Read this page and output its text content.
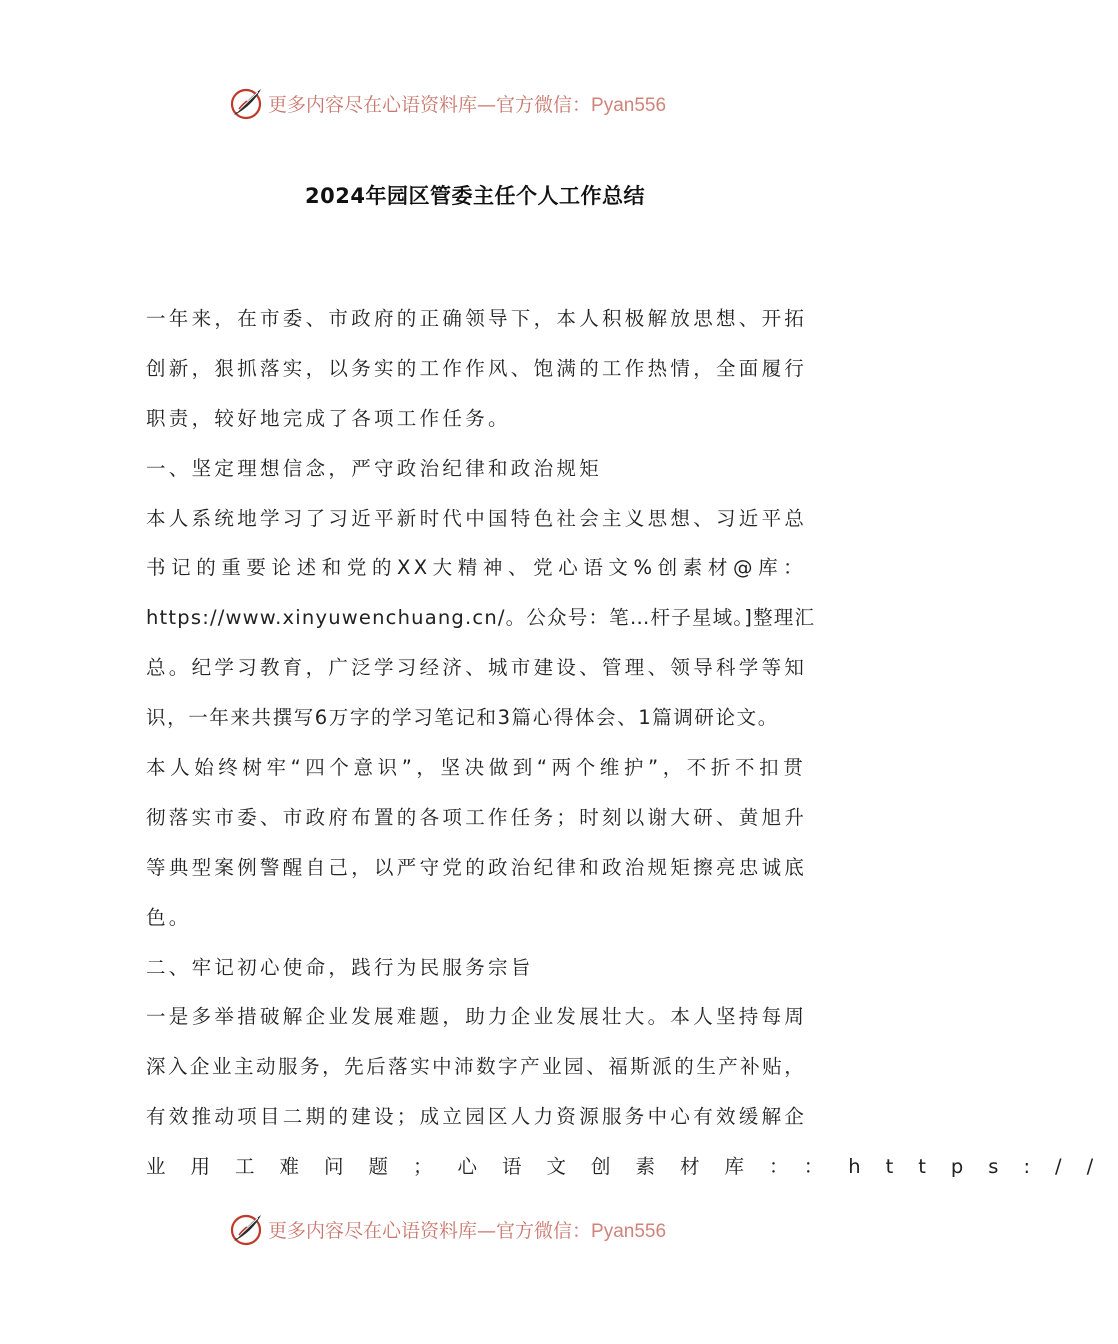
更多内容尽在心语资料库—官方微信：Pyan556
2024年园区管委主任个人工作总结
一年来，在市委、市政府的正确领导下，本人积极解放思想、开拓
创新，狠抓落实，以务实的工作作风、饱满的工作热情，全面履行
职责，较好地完成了各项工作任务。
一、坚定理想信念，严守政治纪律和政治规矩
本人系统地学习了习近平新时代中国特色社会主义思想、习近平总
书记的重要论述和党的XX大精神、党心语文%创素材@库：
https://www.xinyuwenchuang.cn/。公众号：笔…杆子星域。]整理汇
总。纪学习教育，广泛学习经济、城市建设、管理、领导科学等知
识，一年来共撰写6万字的学习笔记和3篇心得体会、1篇调研论文。
本人始终树牢“四个意识”，坚决做到“两个维护”，不折不扣贯
彻落实市委、市政府布置的各项工作任务；时刻以谢大研、黄旭升
等典型案例警醒自己，以严守党的政治纪律和政治规矩擦亮忠诚底
色。
二、牢记初心使命，践行为民服务宗旨
一是多举措破解企业发展难题，助力企业发展壮大。本人坚持每周
深入企业主动服务，先后落实中沛数字产业园、福斯派的生产补贴，
有效推动项目二期的建设；成立园区人力资源服务中心有效缓解企
业用工难问题；心语文创素材库：：https://
更多内容尽在心语资料库—官方微信：Pyan556
